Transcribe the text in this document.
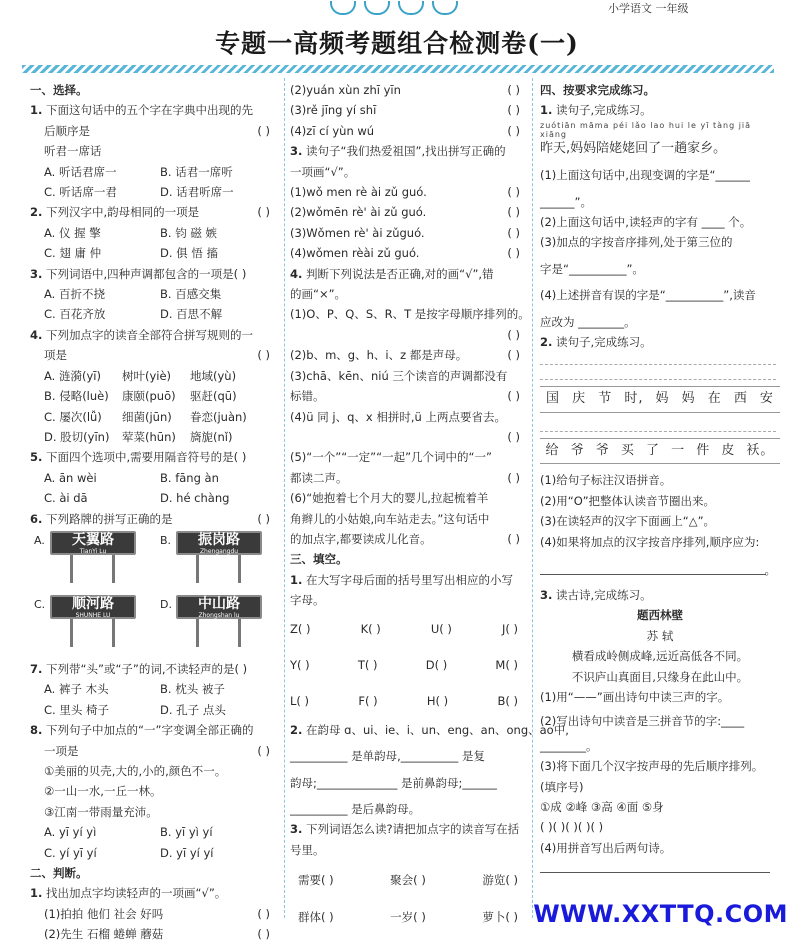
小学语文 一年级
专题一高频考题组合检测卷(一)
一、选择。
1. 下面这句话中的五个字在字典中出现的先
后顺序是	( )
听君一席话
A. 听话君席一	B. 话君一席听
C. 听话席一君	D. 话君听席一
2. 下列汉字中,韵母相同的一项是	( )
A. 仪 握 擎	B. 钧 磁 嫉
C. 翅 庸 仲	D. 俱 悟 搐
3. 下列词语中,四种声调都包含的一项是( )
A. 百折不挠	B. 百感交集
C. 百花齐放	D. 百思不解
4. 下列加点字的读音全部符合拼写规则的一
项是	( )
A. 涟漪(yī)	树叶(yiè)	地域(yù)
B. 侵略(luè)	康颐(puō)	驱赶(qū)
C. 屡次(lǚ)	细菌(jūn)	眷恋(juàn)
D. 股切(yīn)	荤菜(hūn)	旖旎(nǐ)
5. 下面四个选项中,需要用隔音符号的是( )
A. ān wèi	B. fāng àn
C. ài dā	D. hé chàng
6. 下列路牌的拼写正确的是	( )
A.	天翼路
TianYi Lu
B.	振岗路
Zhengangdu
C.	顺河路
SHUNHE LU
D.	中山路
Zhongshan lu
7. 下列带“头”或“子”的词,不读轻声的是( )
A. 裤子 木头	B. 枕头 被子
C. 里头 椅子	D. 孔子 点头
8. 下列句子中加点的“一”字变调全部正确的
一项是	( )
①美丽的贝壳,大的,小的,颜色不一。
②一山一水,一丘一林。
③江南一带雨量充沛。
A. yī yí yì	B. yī yì yí
C. yí yī yí	D. yī yí yí
二、判断。
1. 找出加点字均读轻声的一项画“√”。
(1)拍拍 他们 社会 好吗	( )
(2)先生 石榴 蜷蝉 蘑菇	( )
(2)yuán xùn zhī yīn	( )
(3)rě jīng yí shī	( )
(4)zī cí yùn wú	( )
3. 读句子“我们热爱祖国”,找出拼写正确的
一项画“√”。
(1)wǒ men rè ài zǔ guó.	( )
(2)wǒmēn rè' ài zǔ guó.	( )
(3)Wǒmen rè' ài zǔguó.	( )
(4)wǒmen rèài zǔ guó.	( )
4. 判断下列说法是否正确,对的画“√”,错
的画“×”。
(1)O、P、Q、S、R、T 是按字母顺序排列的。
( )

(2)b、m、g、h、i、z 都是声母。	( )
(3)chā、kēn、niú 三个读音的声调都没有
标错。	( )
(4)ü 同 j、q、x 相拼时,ü 上两点要省去。
( )

(5)“一个”“一定”“一起”几个词中的“一”
都读二声。	( )
(6)“她抱着七个月大的婴儿,拉起梳着羊
角辫儿的小姑娘,向车站走去。”这句话中
的加点字,都要读成儿化音。	( )
三、填空。
1. 在大写字母后面的括号里写出相应的小写
字母。
Z( )	K( )	U( )	J( )
Y( )	T( )	D( )	M( )
L( )	F( )	H( )	B( )
2. 在韵母 ɑ、ui、ie、i、un、eng、an、ong、ao中,
__________ 是单韵母,__________ 是复
韵母;______________ 是前鼻韵母;______
__________ 是后鼻韵母。
3. 下列词语怎么读?请把加点字的读音写在括
号里。
需要( )	聚会( )	游览( )
群体( )	一岁( )	萝卜( )
四、按要求完成练习。
1. 读句子,完成练习。
zuótiān māma péi lǎo lao hui le yī tàng jiā xiāng
昨天,妈妈陪姥姥回了一趟家乡。
(1)上面这句话中,出现变调的字是“______
______”。
(2)上面这句话中,读轻声的字有 ____ 个。
(3)加点的字按音序排列,处于第三位的
字是“__________”。
(4)上述拼音有误的字是“__________”,读音
应改为 ________。
2. 读句子,完成练习。
国 庆 节 时, 妈 妈 在 西 安
给 爷 爷 买 了 一 件 皮 袄。
(1)给句子标注汉语拼音。
(2)用“O”把整体认读音节圈出来。
(3)在读轻声的汉字下面画上“△”。
(4)如果将加点的汉字按音序排列,顺序应为:
。
3. 读古诗,完成练习。
题西林壁
苏 轼
横看成岭侧成峰,远近高低各不同。
不识庐山真面目,只缘身在此山中。
(1)用“——”画出诗句中读三声的字。
(2)写出诗句中读音是三拼音节的字:____
________。
(3)将下面几个汉字按声母的先后顺序排列。
(填序号)
①成 ②峰 ③高 ④面 ⑤身
( )( )( )( )( )
(4)用拼音写出后两句诗。
WWW.XXTTQ.COM
